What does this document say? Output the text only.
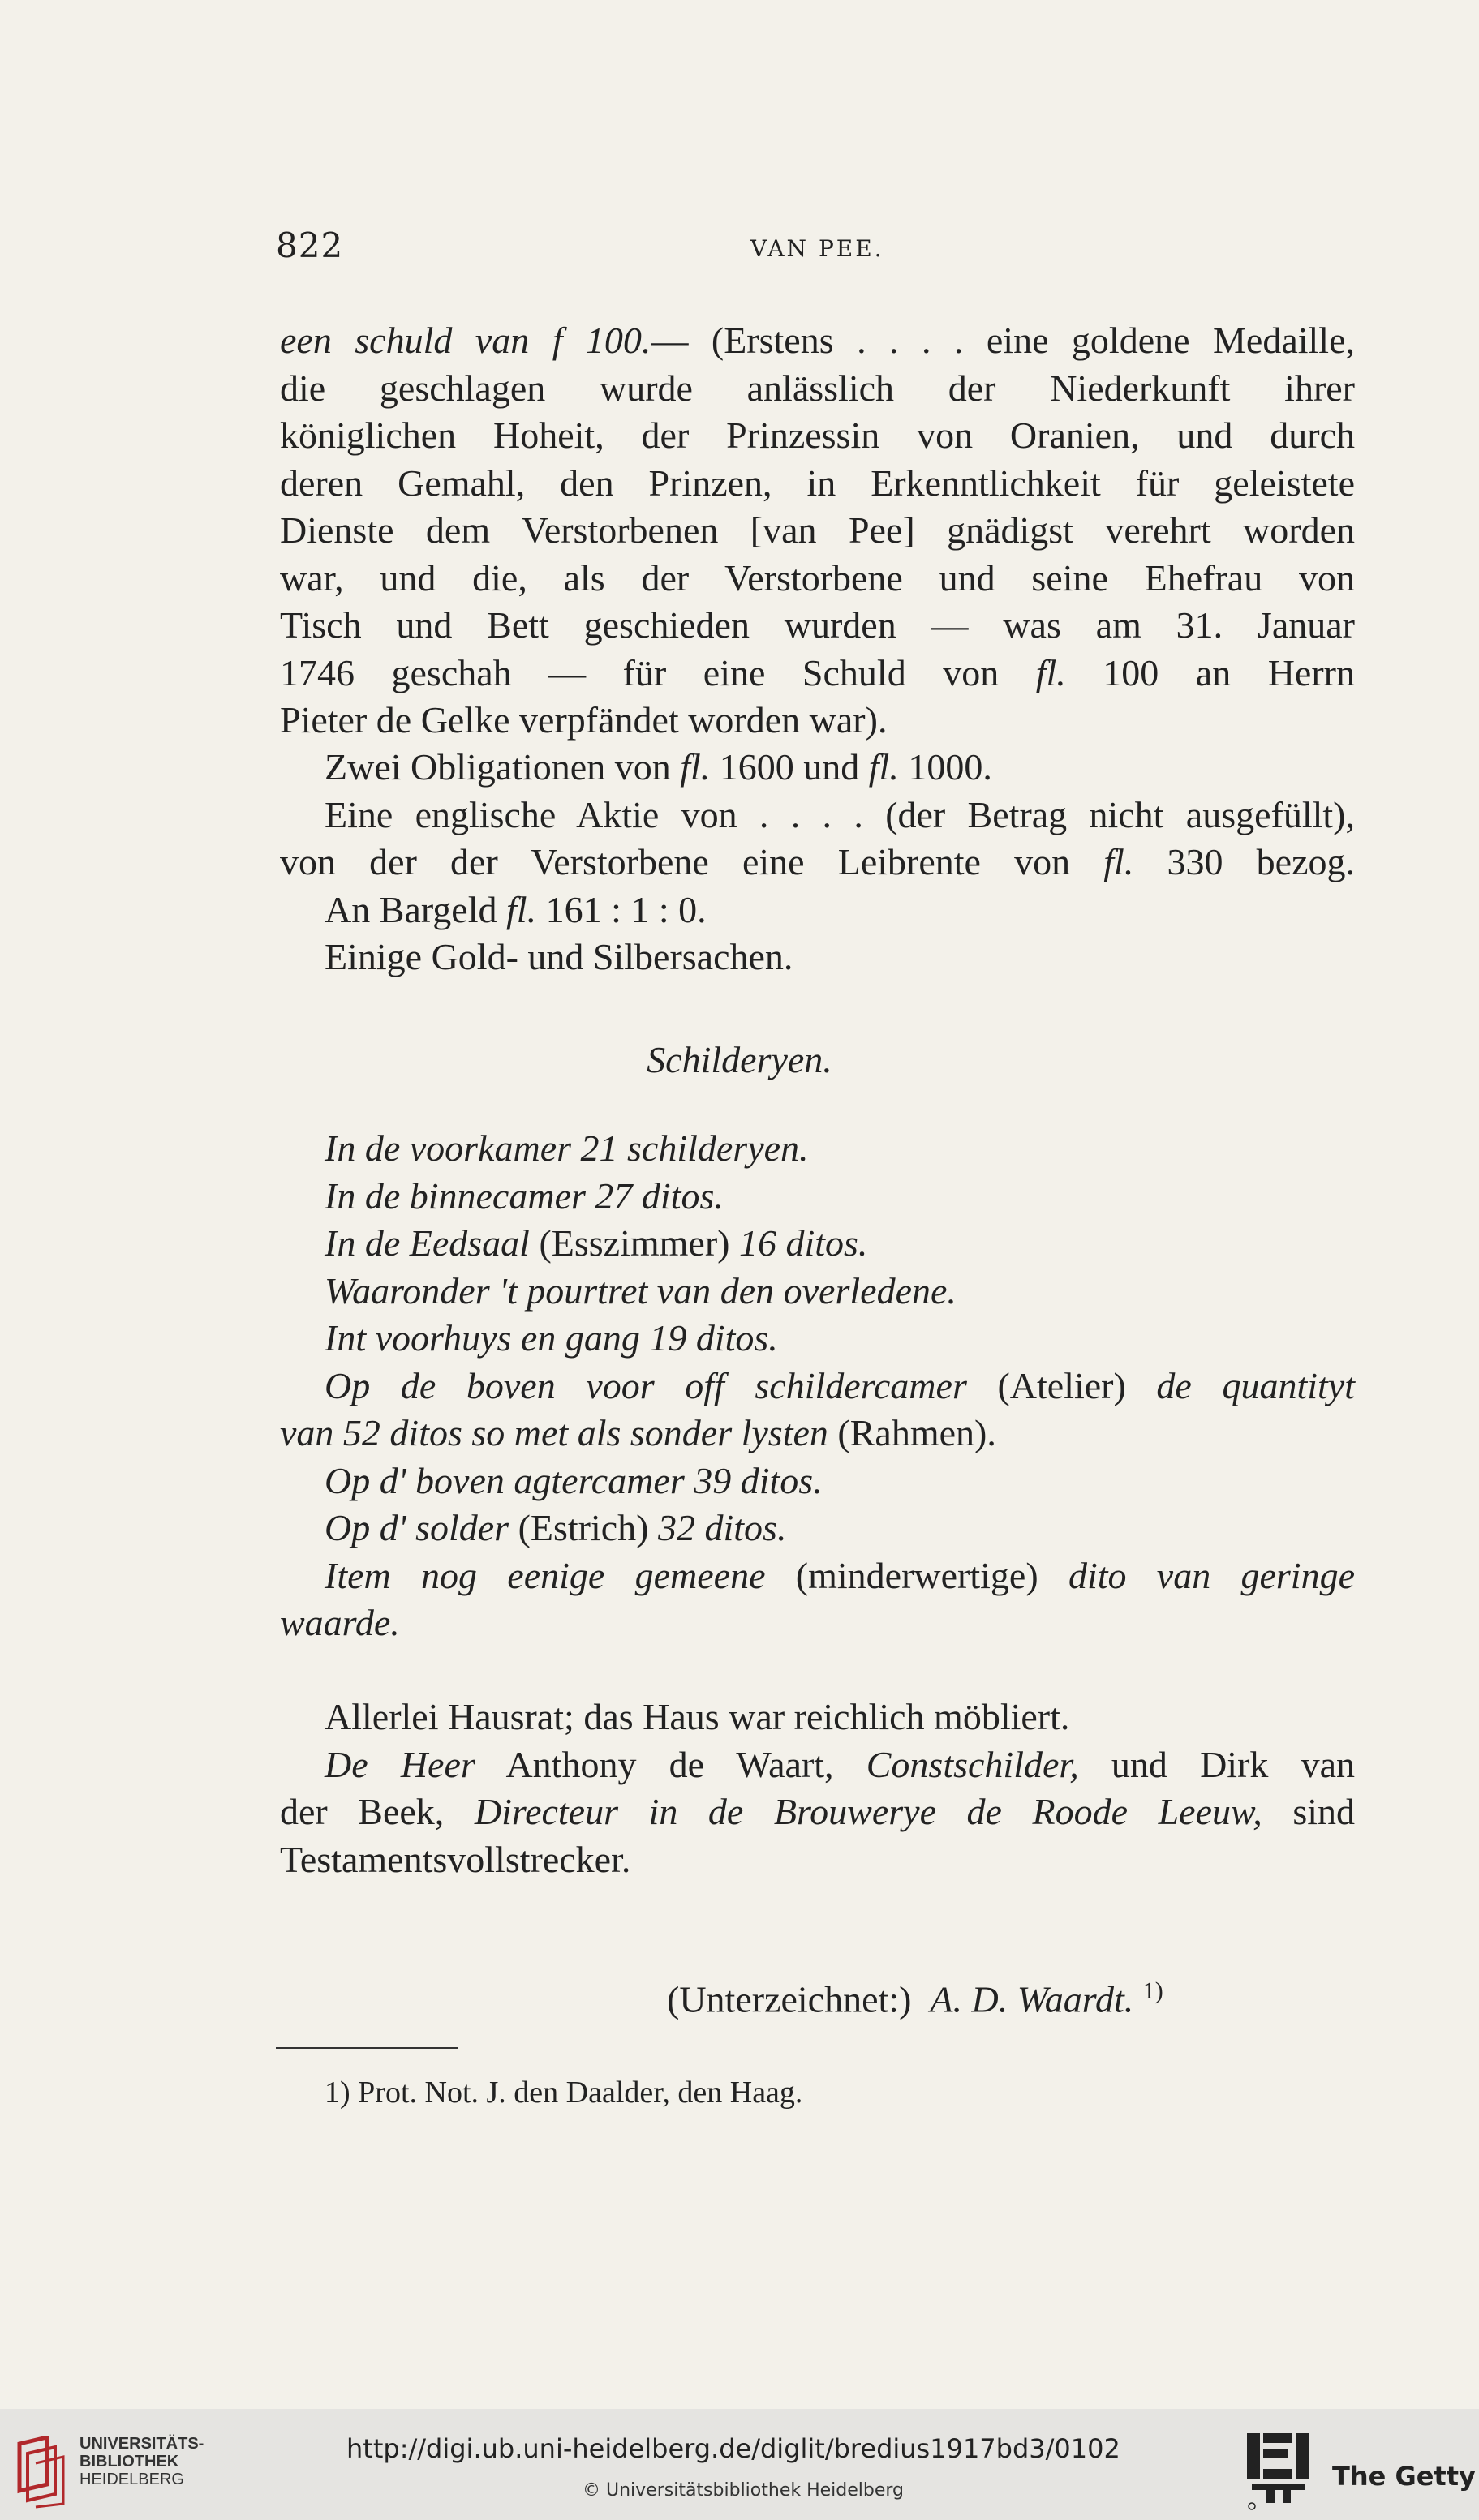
822	VAN PEE.
een schuld van f 100.— (Erstens . . . . eine goldene Medaille,
die geschlagen wurde anlässlich der Niederkunft ihrer
königlichen Hoheit, der Prinzessin von Oranien, und durch
deren Gemahl, den Prinzen, in Erkenntlichkeit für geleistete
Dienste dem Verstorbenen [van Pee] gnädigst verehrt worden
war, und die, als der Verstorbene und seine Ehefrau von
Tisch und Bett geschieden wurden — was am 31. Januar
1746 geschah — für eine Schuld von fl. 100 an Herrn
Pieter de Gelke verpfändet worden war).
Zwei Obligationen von fl. 1600 und fl. 1000.
Eine englische Aktie von . . . . (der Betrag nicht ausgefüllt),
von der der Verstorbene eine Leibrente von fl. 330 bezog.
An Bargeld fl. 161 : 1 : 0.
Einige Gold- und Silbersachen.
Schilderyen.
In de voorkamer 21 schilderyen.
In de binnecamer 27 ditos.
In de Eedsaal (Esszimmer) 16 ditos.
Waaronder 't pourtret van den overledene.
Int voorhuys en gang 19 ditos.
Op de boven voor off schildercamer (Atelier) de quantityt
van 52 ditos so met als sonder lysten (Rahmen).
Op d' boven agtercamer 39 ditos.
Op d' solder (Estrich) 32 ditos.
Item nog eenige gemeene (minderwertige) dito van geringe
waarde.
Allerlei Hausrat; das Haus war reichlich möbliert.
De Heer Anthony de Waart, Constschilder, und Dirk van
der Beek, Directeur in de Brouwerye de Roode Leeuw, sind
Testamentsvollstrecker.
(Unterzeichnet:) A. D. Waardt. $^{1)}$
1) Prot. Not. J. den Daalder, den Haag.
UNIVERSITÄTS-
BIBLIOTHEK
HEIDELBERG
http://digi.ub.uni-heidelberg.de/diglit/bredius1917bd3/0102
© Universitätsbibliothek Heidelberg	The Getty
